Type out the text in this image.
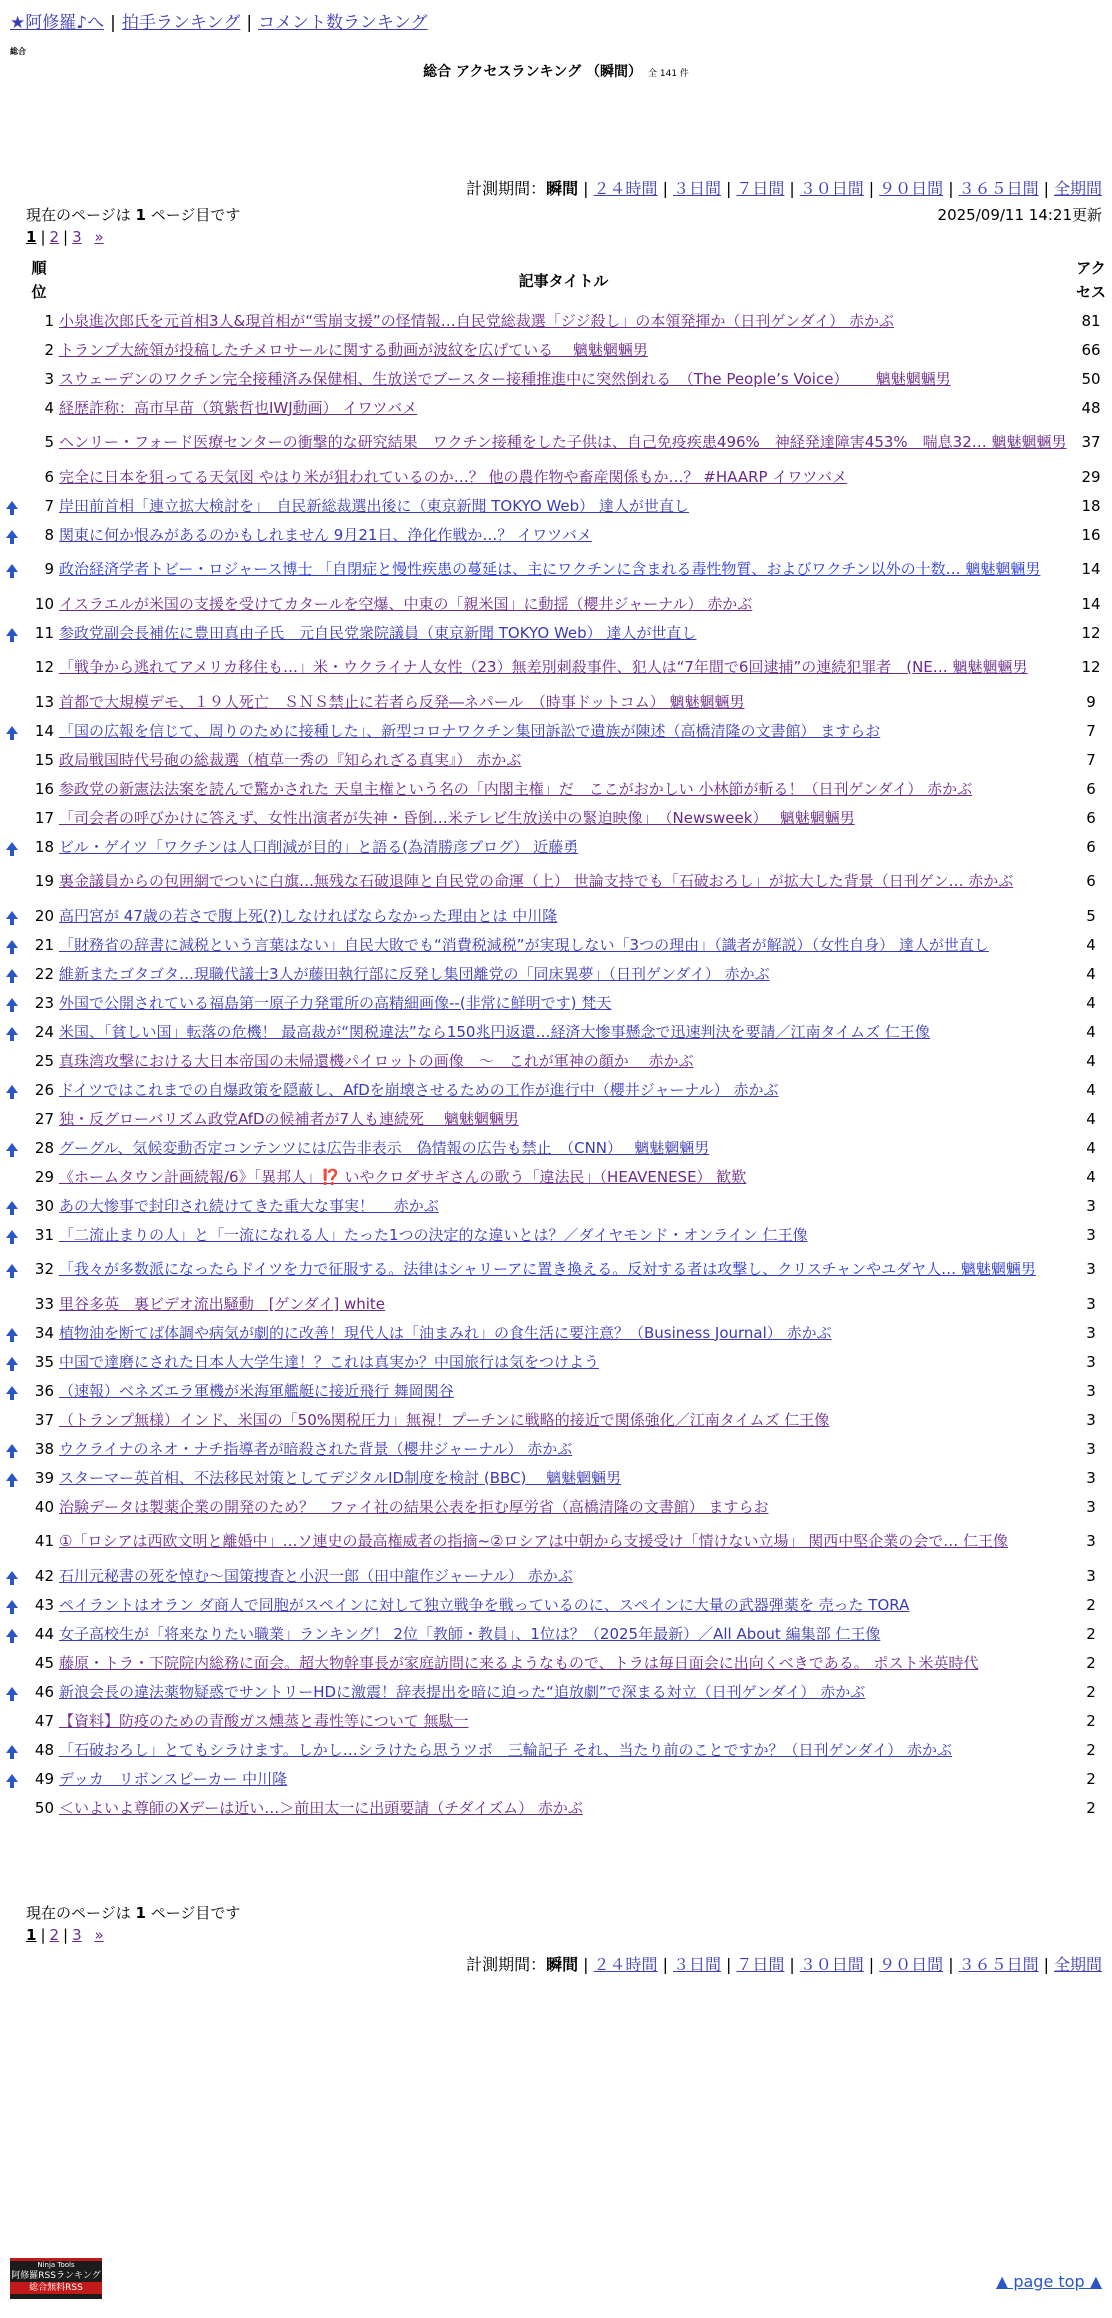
★阿修羅♪へ | 拍手ランキング | コメント数ランキング
総合
総合 アクセスランキング （瞬間） 全 141 件
計測期間：瞬間 | ２４時間 | ３日間 | ７日間 | ３０日間 | ９０日間 | ３６５日間 | 全期間
現在のページは 1 ページ目です	2025/09/11 14:21更新
1 | 2 | 3 »
	順位	記事タイトル	アクセス
	1	小泉進次郎氏を元首相3人&現首相が“雪崩支援”の怪情報…自民党総裁選「ジジ殺し」の本領発揮か（日刊ゲンダイ） 赤かぶ	81
	2	トランプ大統領が投稿したチメロサールに関する動画が波紋を広げている　 魑魅魍魎男	66
	3	スウェーデンのワクチン完全接種済み保健相、生放送でブースター接種推進中に突然倒れる　（The People’s Voice）　　 魑魅魍魎男	50
	4	経歴詐称：高市早苗（筑紫哲也IWJ動画） イワツバメ	48
	5	ヘンリー・フォード医療センターの衝撃的な研究結果　ワクチン接種をした子供は、自己免疫疾患496%　神経発達障害453%　喘息32… 魑魅魍魎男	37
	6	完全に日本を狙ってる天気図 やはり米が狙われているのか…？ 他の農作物や畜産関係もか…？ #HAARP イワツバメ	29
	7	岸田前首相「連立拡大検討を」　自民新総裁選出後に（東京新聞 TOKYO Web） 達人が世直し	18
	8	関東に何か恨みがあるのかもしれません 9月21日、浄化作戦か…？ イワツバメ	16
	9	政治経済学者トビー・ロジャース博士 「自閉症と慢性疾患の蔓延は、主にワクチンに含まれる毒性物質、およびワクチン以外の十数… 魑魅魍魎男	14
	10	イスラエルが米国の支援を受けてカタールを空爆、中東の「親米国」に動揺（櫻井ジャーナル） 赤かぶ	14
	11	参政党副会長補佐に豊田真由子氏　元自民党衆院議員（東京新聞 TOKYO Web） 達人が世直し	12
	12	「戦争から逃れてアメリカ移住も…」米・ウクライナ人女性（23）無差別刺殺事件、犯人は“7年間で6回逮捕”の連続犯罪者　(NE… 魑魅魍魎男	12
	13	首都で大規模デモ、１９人死亡　ＳＮＳ禁止に若者ら反発―ネパール　（時事ドットコム） 魑魅魍魎男	9
	14	「国の広報を信じて、周りのために接種した」、新型コロナワクチン集団訴訟で遺族が陳述（高橋清隆の文書館） ますらお	7
	15	政局戦国時代号砲の総裁選（植草一秀の『知られざる真実』） 赤かぶ	7
	16	参政党の新憲法法案を読んで驚かされた 天皇主権という名の「内閣主権」だ　ここがおかしい 小林節が斬る！（日刊ゲンダイ） 赤かぶ	6
	17	「司会者の呼びかけに答えず、女性出演者が失神・昏倒…米テレビ生放送中の緊迫映像」　（Newsweek）　 魑魅魍魎男	6
	18	ビル・ゲイツ「ワクチンは人口削減が目的」と語る(為清勝彦ブログ） 近藤勇	6
	19	裏金議員からの包囲網でついに白旗…無残な石破退陣と自民党の命運（上） 世論支持でも「石破おろし」が拡大した背景（日刊ゲン… 赤かぶ	6
	20	高円宮が 47歳の若さで腹上死(?)しなければならなかった理由とは 中川隆	5
	21	「財務省の辞書に減税という言葉はない」自民大敗でも“消費税減税”が実現しない「3つの理由」（識者が解説）（女性自身） 達人が世直し	4
	22	維新またゴタゴタ…現職代議士3人が藤田執行部に反発し集団離党の「同床異夢」（日刊ゲンダイ） 赤かぶ	4
	23	外国で公開されている福島第一原子力発電所の高精細画像--(非常に鮮明です) 梵天	4
	24	米国、「貧しい国」転落の危機！ 最高裁が“関税違法”なら150兆円返還…経済大惨事懸念で迅速判決を要請／江南タイムズ 仁王像	4
	25	真珠湾攻撃における大日本帝国の未帰還機パイロットの画像　～　これが軍神の顔か　 赤かぶ	4
	26	ドイツではこれまでの自爆政策を隠蔽し、AfDを崩壊させるための工作が進行中（櫻井ジャーナル） 赤かぶ	4
	27	独・反グローバリズム政党AfDの候補者が7人も連続死　 魑魅魍魎男	4
	28	グーグル、気候変動否定コンテンツには広告非表示　偽情報の広告も禁止　（CNN）　 魑魅魍魎男	4
	29	《ホームタウン計画続報/6》「異邦人」⁉️ いやクロダサギさんの歌う「違法民」（HEAVENESE） 歓歎	4
	30	あの大惨事で封印され続けてきた重大な事実！　 赤かぶ	3
	31	「二流止まりの人」と「一流になれる人」たった1つの決定的な違いとは？／ダイヤモンド・オンライン 仁王像	3
	32	「我々が多数派になったらドイツを力で征服する。法律はシャリーアに置き換える。反対する者は攻撃し、クリスチャンやユダヤ人… 魑魅魍魎男	3
	33	里谷多英　裏ビデオ流出騒動　[ゲンダイ] white	3
	34	植物油を断てば体調や病気が劇的に改善！現代人は「油まみれ」の食生活に要注意？（Business Journal） 赤かぶ	3
	35	中国で達磨にされた日本人大学生達！？これは真実か？中国旅行は気をつけよう	3
	36	（速報）ベネズエラ軍機が米海軍艦艇に接近飛行 舞岡関谷	3
	37	（トランプ無様）インド、米国の「50%関税圧力」無視！プーチンに戦略的接近で関係強化／江南タイムズ 仁王像	3
	38	ウクライナのネオ・ナチ指導者が暗殺された背景（櫻井ジャーナル） 赤かぶ	3
	39	スターマー英首相、不法移民対策としてデジタルID制度を検討 (BBC)　 魑魅魍魎男	3
	40	治験データは製薬企業の開発のため？　ファイ社の結果公表を拒む厚労省（高橋清隆の文書館） ますらお	3
	41	①「ロシアは西欧文明と離婚中」…ソ連史の最高権威者の指摘~②ロシアは中朝から支援受け「情けない立場」 関西中堅企業の会で… 仁王像	3
	42	石川元秘書の死を悼む～国策捜査と小沢一郎（田中龍作ジャーナル） 赤かぶ	3
	43	ペイラントはオラン ダ商人で同胞がスペインに対して独立戦争を戦っているのに、スペインに大量の武器弾薬を 売った TORA	2
	44	女子高校生が「将来なりたい職業」ランキング！ 2位「教師・教員」、1位は？（2025年最新）／All About 編集部 仁王像	2
	45	藤原・トラ・下院院内総務に面会。超大物幹事長が家庭訪問に来るようなもので、トラは毎日面会に出向くべきである。 ポスト米英時代	2
	46	新浪会長の違法薬物疑惑でサントリーHDに激震！辞表提出を暗に迫った“追放劇”で深まる対立（日刊ゲンダイ） 赤かぶ	2
	47	【資料】防疫のための青酸ガス燻蒸と毒性等について 無駄一	2
	48	「石破おろし」とてもシラけます。しかし…シラけたら思うツボ　三輪記子 それ、当たり前のことですか？（日刊ゲンダイ） 赤かぶ	2
	49	デッカ　リボンスピーカー 中川隆	2
	50	＜いよいよ尊師のXデーは近い…＞前田太一に出頭要請（チダイズム） 赤かぶ	2
現在のページは 1 ページ目です
1 | 2 | 3 »
計測期間：瞬間 | ２４時間 | ３日間 | ７日間 | ３０日間 | ９０日間 | ３６５日間 | 全期間
Ninja Tools
阿修羅RSSランキング
総合無料RSS	▲ page top ▲
